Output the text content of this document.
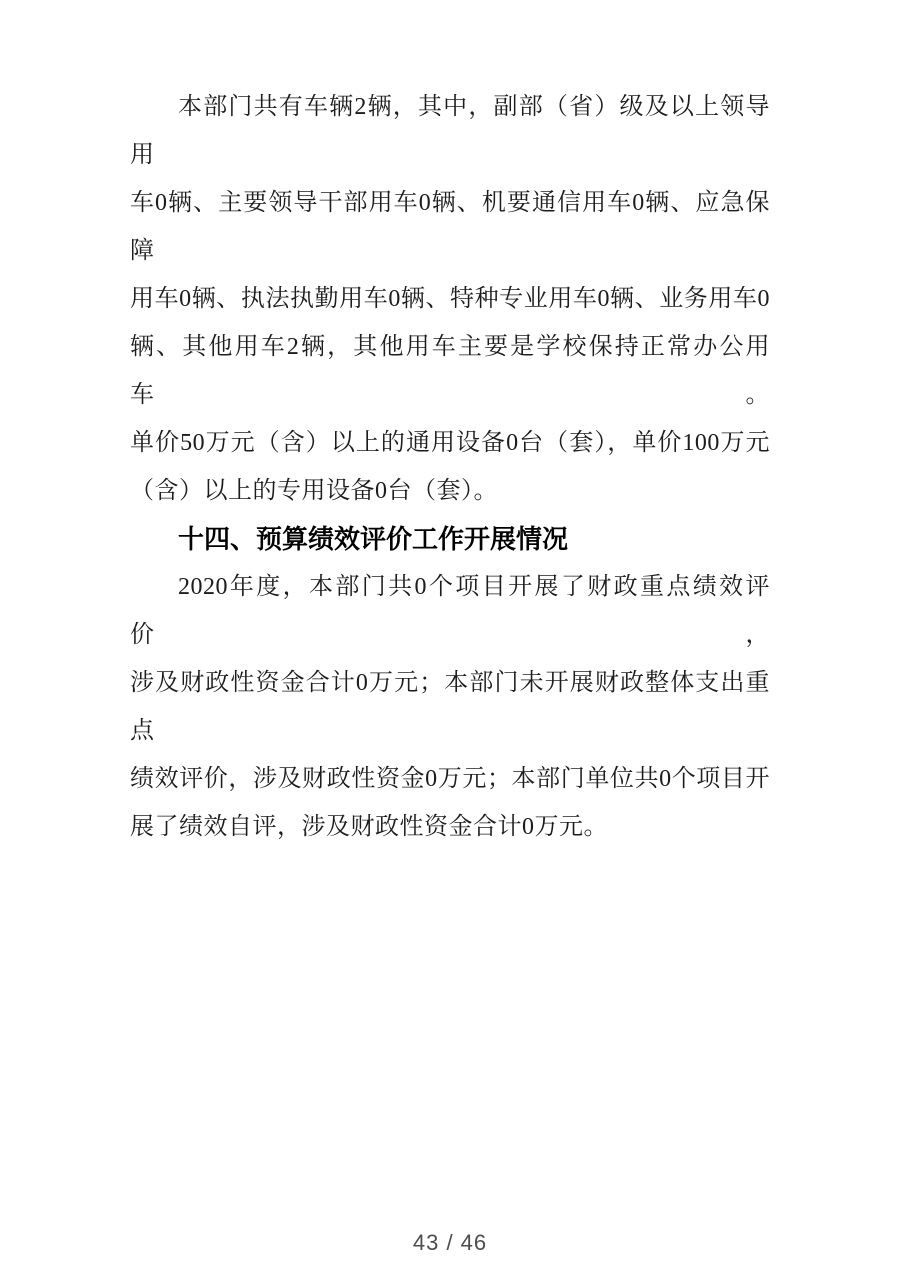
本部门共有车辆2辆，其中，副部（省）级及以上领导用
车0辆、主要领导干部用车0辆、机要通信用车0辆、应急保障
用车0辆、执法执勤用车0辆、特种专业用车0辆、业务用车0
辆、其他用车2辆，其他用车主要是学校保持正常办公用车。
单价50万元（含）以上的通用设备0台（套），单价100万元
（含）以上的专用设备0台（套）。
十四、预算绩效评价工作开展情况
2020年度，本部门共0个项目开展了财政重点绩效评价，
涉及财政性资金合计0万元；本部门未开展财政整体支出重点
绩效评价，涉及财政性资金0万元；本部门单位共0个项目开
展了绩效自评，涉及财政性资金合计0万元。
43 / 46
